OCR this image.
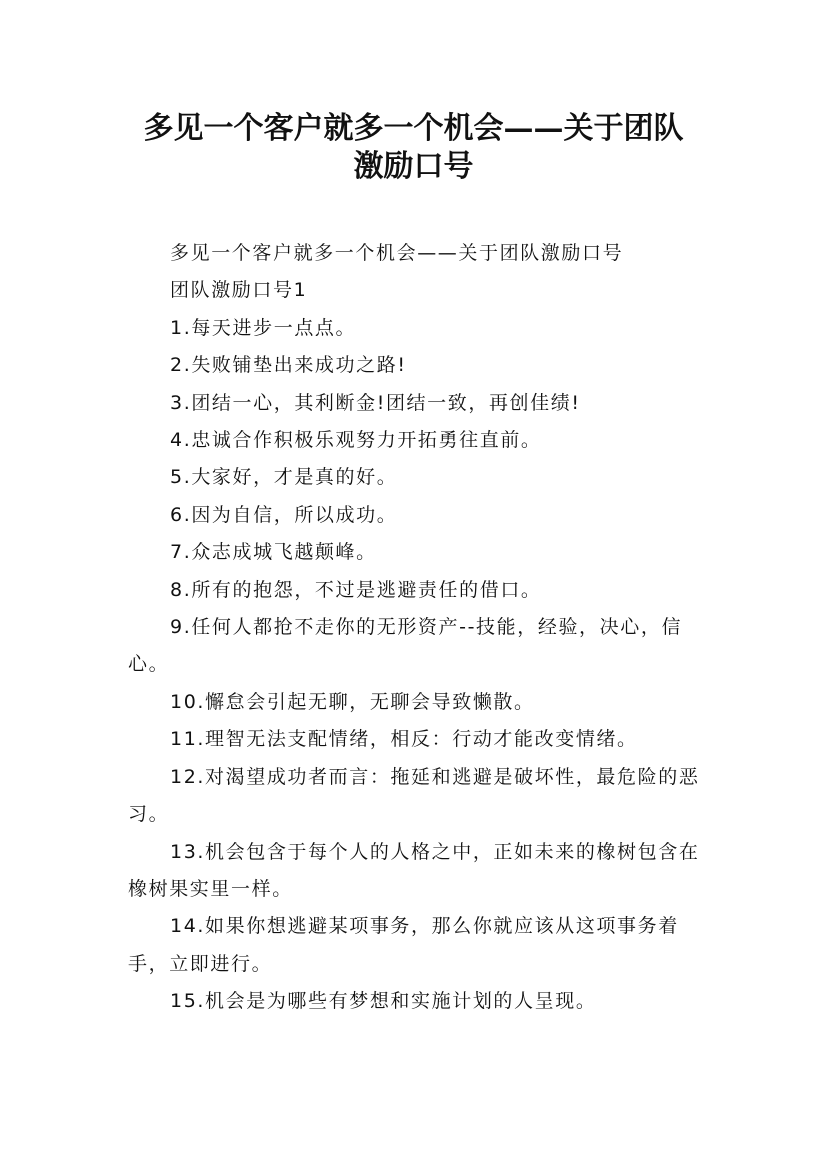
多见一个客户就多一个机会——关于团队
激励口号

多见一个客户就多一个机会——关于团队激励口号

团队激励口号1

1.每天进步一点点。

2.失败铺垫出来成功之路!

3.团结一心，其利断金!团结一致，再创佳绩!

4.忠诚合作积极乐观努力开拓勇往直前。

5.大家好，才是真的好。

6.因为自信，所以成功。

7.众志成城飞越颠峰。

8.所有的抱怨，不过是逃避责任的借口。

9.任何人都抢不走你的无形资产--技能，经验，决心，信心。

10.懈怠会引起无聊，无聊会导致懒散。

11.理智无法支配情绪，相反：行动才能改变情绪。

12.对渴望成功者而言：拖延和逃避是破坏性，最危险的恶习。

13.机会包含于每个人的人格之中，正如未来的橡树包含在橡树果实里一样。

14.如果你想逃避某项事务，那么你就应该从这项事务着手，立即进行。

15.机会是为哪些有梦想和实施计划的人呈现。
